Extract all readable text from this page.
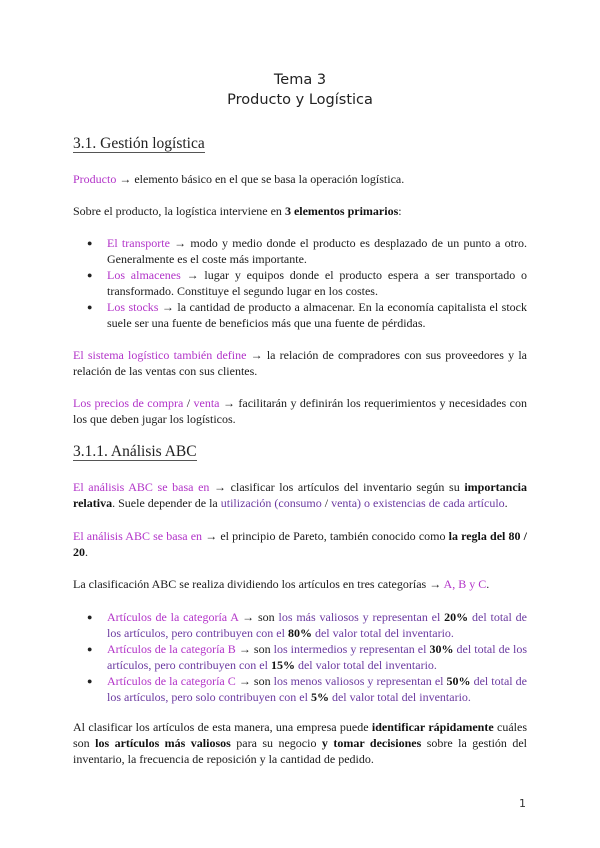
Tema 3
Producto y Logística
3.1. Gestión logística
Producto → elemento básico en el que se basa la operación logística.
Sobre el producto, la logística interviene en 3 elementos primarios:
● El transporte → modo y medio donde el producto es desplazado de un punto a otro. Generalmente es el coste más importante.
● Los almacenes → lugar y equipos donde el producto espera a ser transportado o transformado. Constituye el segundo lugar en los costes.
● Los stocks → la cantidad de producto a almacenar. En la economía capitalista el stock suele ser una fuente de beneficios más que una fuente de pérdidas.
El sistema logístico también define → la relación de compradores con sus proveedores y la relación de las ventas con sus clientes.
Los precios de compra / venta → facilitarán y definirán los requerimientos y necesidades con los que deben jugar los logísticos.
3.1.1. Análisis ABC
El análisis ABC se basa en → clasificar los artículos del inventario según su importancia relativa. Suele depender de la utilización (consumo / venta) o existencias de cada artículo.
El análisis ABC se basa en → el principio de Pareto, también conocido como la regla del 80 / 20.
La clasificación ABC se realiza dividiendo los artículos en tres categorías → A, B y C.
● Artículos de la categoría A → son los más valiosos y representan el 20% del total de los artículos, pero contribuyen con el 80% del valor total del inventario.
● Artículos de la categoría B → son los intermedios y representan el 30% del total de los artículos, pero contribuyen con el 15% del valor total del inventario.
● Artículos de la categoría C → son los menos valiosos y representan el 50% del total de los artículos, pero solo contribuyen con el 5% del valor total del inventario.
Al clasificar los artículos de esta manera, una empresa puede identificar rápidamente cuáles son los artículos más valiosos para su negocio y tomar decisiones sobre la gestión del inventario, la frecuencia de reposición y la cantidad de pedido.
1
